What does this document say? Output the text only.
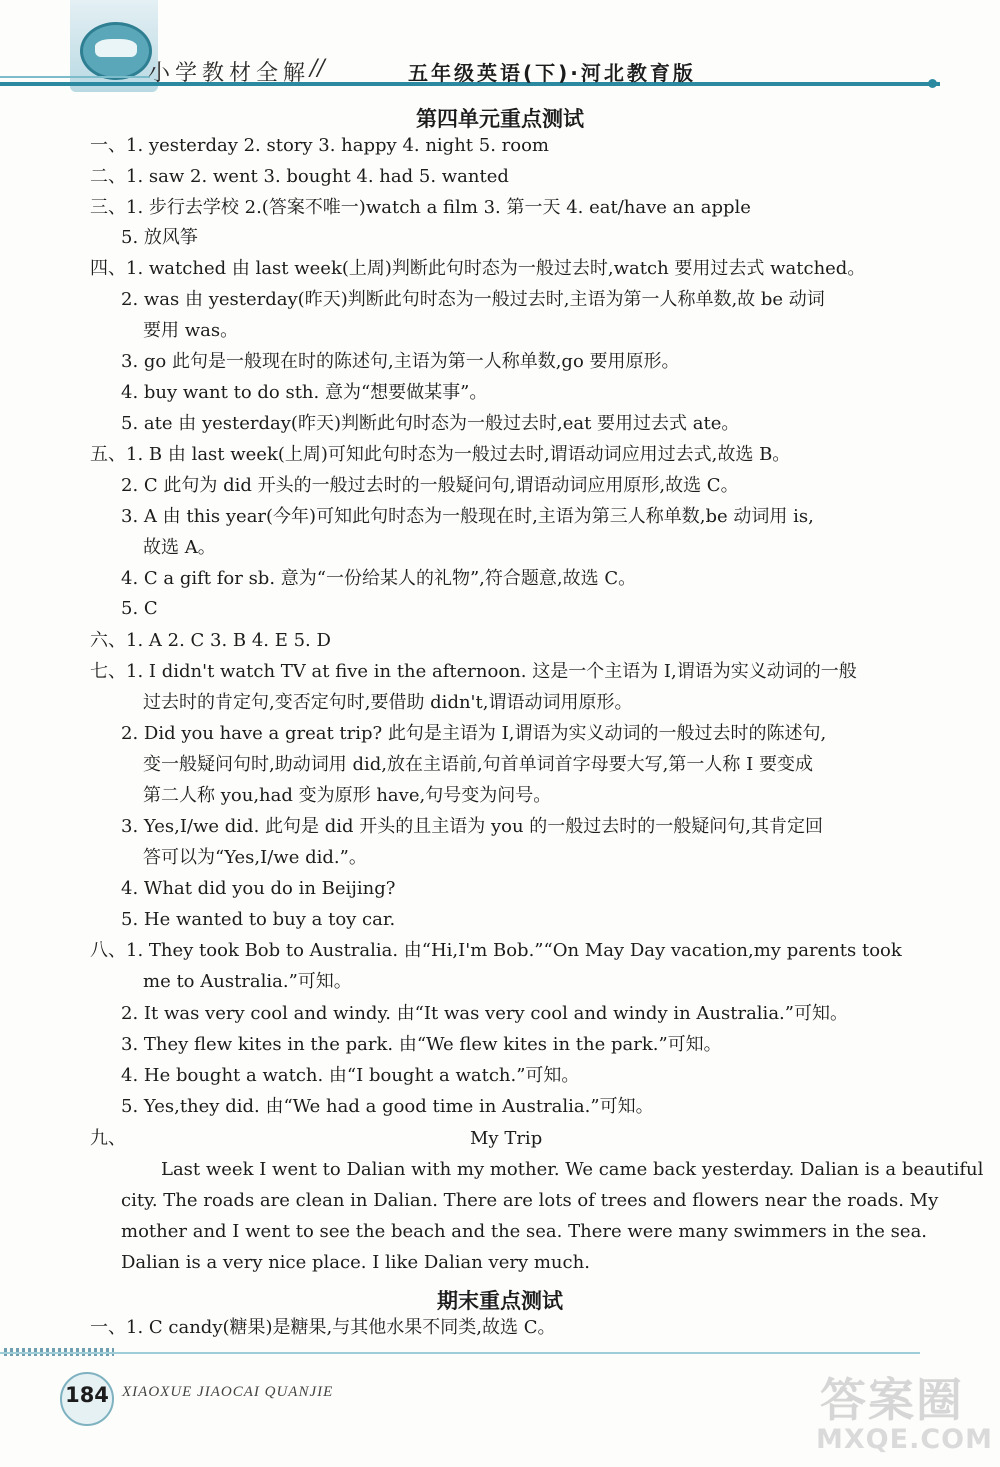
小学教材全解 //	五年级英语(下)·河北教育版
第四单元重点测试
一、1. yesterday 2. story 3. happy 4. night 5. room
二、1. saw 2. went 3. bought 4. had 5. wanted
三、1. 步行去学校 2.(答案不唯一)watch a film 3. 第一天 4. eat/have an apple
5. 放风筝
四、1. watched 由 last week(上周)判断此句时态为一般过去时,watch 要用过去式 watched。
2. was 由 yesterday(昨天)判断此句时态为一般过去时,主语为第一人称单数,故 be 动词
要用 was。
3. go 此句是一般现在时的陈述句,主语为第一人称单数,go 要用原形。
4. buy want to do sth. 意为“想要做某事”。
5. ate 由 yesterday(昨天)判断此句时态为一般过去时,eat 要用过去式 ate。
五、1. B 由 last week(上周)可知此句时态为一般过去时,谓语动词应用过去式,故选 B。
2. C 此句为 did 开头的一般过去时的一般疑问句,谓语动词应用原形,故选 C。
3. A 由 this year(今年)可知此句时态为一般现在时,主语为第三人称单数,be 动词用 is,
故选 A。
4. C a gift for sb. 意为“一份给某人的礼物”,符合题意,故选 C。
5. C
六、1. A 2. C 3. B 4. E 5. D
七、1. I didn't watch TV at five in the afternoon. 这是一个主语为 I,谓语为实义动词的一般
过去时的肯定句,变否定句时,要借助 didn't,谓语动词用原形。
2. Did you have a great trip? 此句是主语为 I,谓语为实义动词的一般过去时的陈述句,
变一般疑问句时,助动词用 did,放在主语前,句首单词首字母要大写,第一人称 I 要变成
第二人称 you,had 变为原形 have,句号变为问号。
3. Yes,I/we did. 此句是 did 开头的且主语为 you 的一般过去时的一般疑问句,其肯定回
答可以为“Yes,I/we did.”。
4. What did you do in Beijing?
5. He wanted to buy a toy car.
八、1. They took Bob to Australia. 由“Hi,I'm Bob.”“On May Day vacation,my parents took
me to Australia.”可知。
2. It was very cool and windy. 由“It was very cool and windy in Australia.”可知。
3. They flew kites in the park. 由“We flew kites in the park.”可知。
4. He bought a watch. 由“I bought a watch.”可知。
5. Yes,they did. 由“We had a good time in Australia.”可知。
九、	My Trip
Last week I went to Dalian with my mother. We came back yesterday. Dalian is a beautiful
city. The roads are clean in Dalian. There are lots of trees and flowers near the roads. My
mother and I went to see the beach and the sea. There were many swimmers in the sea.
Dalian is a very nice place. I like Dalian very much.
期末重点测试
一、1. C candy(糖果)是糖果,与其他水果不同类,故选 C。
184 XIAOXUE JIAOCAI QUANJIE	答案圈
MXQE.COM
